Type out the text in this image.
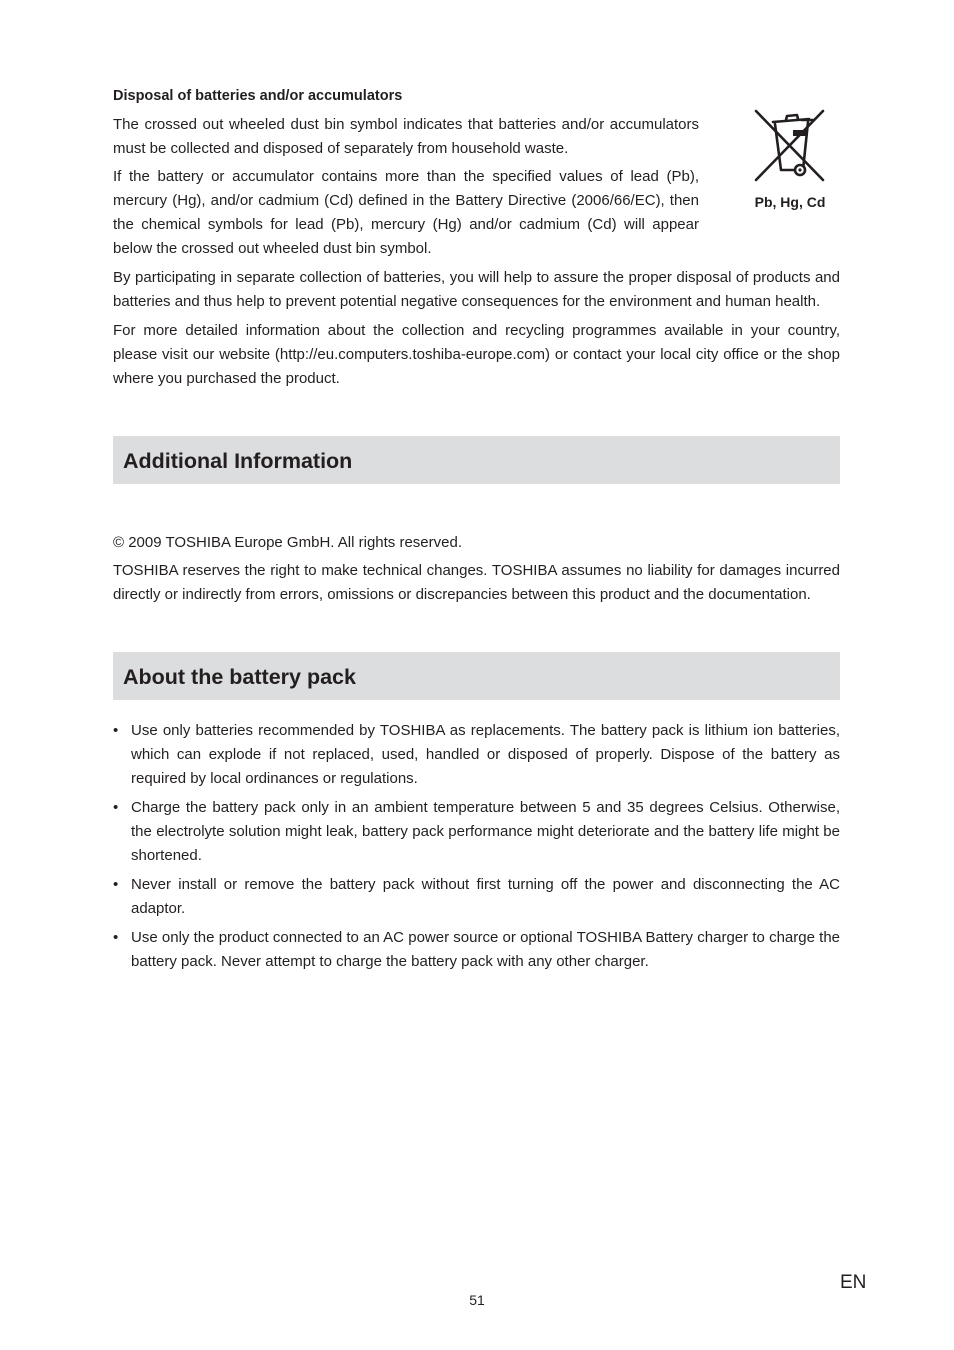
Disposal of batteries and/or accumulators

The crossed out wheeled dust bin symbol indicates that batteries and/or accumulators must be collected and disposed of separately from household waste.

If the battery or accumulator contains more than the specified values of lead (Pb), mercury (Hg), and/or cadmium (Cd) defined in the Battery Directive (2006/66/EC), then the chemical symbols for lead (Pb), mercury (Hg) and/or cadmium (Cd) will appear below the crossed out wheeled dust bin symbol.

Pb, Hg, Cd

By participating in separate collection of batteries, you will help to assure the proper disposal of products and batteries and thus help to prevent potential negative consequences for the environment and human health.

For more detailed information about the collection and recycling programmes available in your country, please visit our website (http://eu.computers.toshiba-europe.com) or contact your local city office or the shop where you purchased the product.

Additional Information

© 2009 TOSHIBA Europe GmbH. All rights reserved.

TOSHIBA reserves the right to make technical changes. TOSHIBA assumes no liability for damages incurred directly or indirectly from errors, omissions or discrepancies between this product and the documentation.

About the battery pack
• Use only batteries recommended by TOSHIBA as replacements. The battery pack is lithium ion batteries, which can explode if not replaced, used, handled or disposed of properly. Dispose of the battery as required by local ordinances or regulations.
• Charge the battery pack only in an ambient temperature between 5 and 35 degrees Celsius. Otherwise, the electrolyte solution might leak, battery pack performance might deteriorate and the battery life might be shortened.
• Never install or remove the battery pack without first turning off the power and disconnecting the AC adaptor.
• Use only the product connected to an AC power source or optional TOSHIBA Battery charger to charge the battery pack. Never attempt to charge the battery pack with any other charger.
EN
51
